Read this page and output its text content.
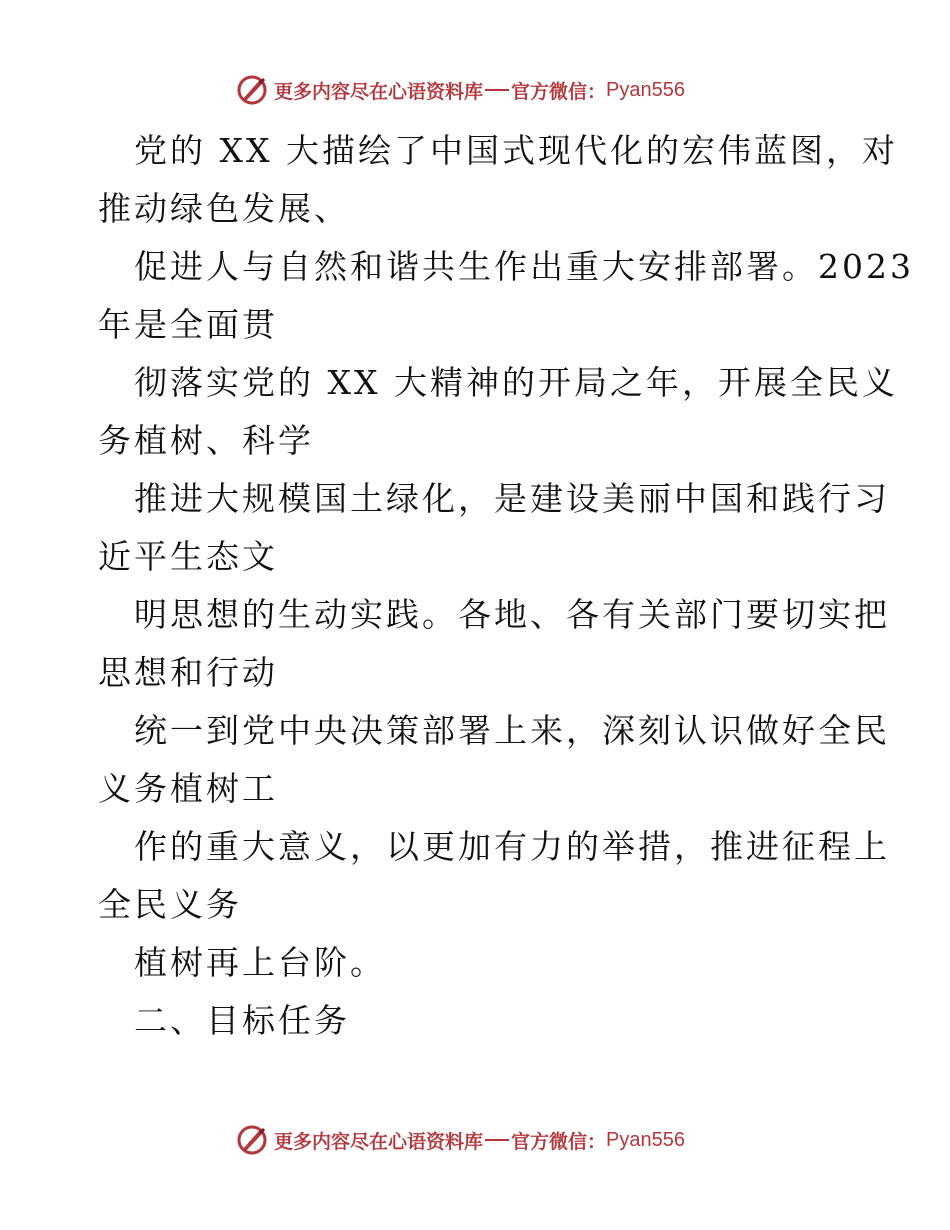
更多内容尽在心语资料库 官方微信： Pyan556
党的 XX 大描绘了中国式现代化的宏伟蓝图，对
推动绿色发展、
促进人与自然和谐共生作出重大安排部署。2023
年是全面贯
彻落实党的 XX 大精神的开局之年，开展全民义
务植树、科学
推进大规模国土绿化，是建设美丽中国和践行习
近平生态文
明思想的生动实践。各地、各有关部门要切实把
思想和行动
统一到党中央决策部署上来，深刻认识做好全民
义务植树工
作的重大意义，以更加有力的举措，推进征程上
全民义务
植树再上台阶。
二、目标任务
更多内容尽在心语资料库 官方微信： Pyan556
